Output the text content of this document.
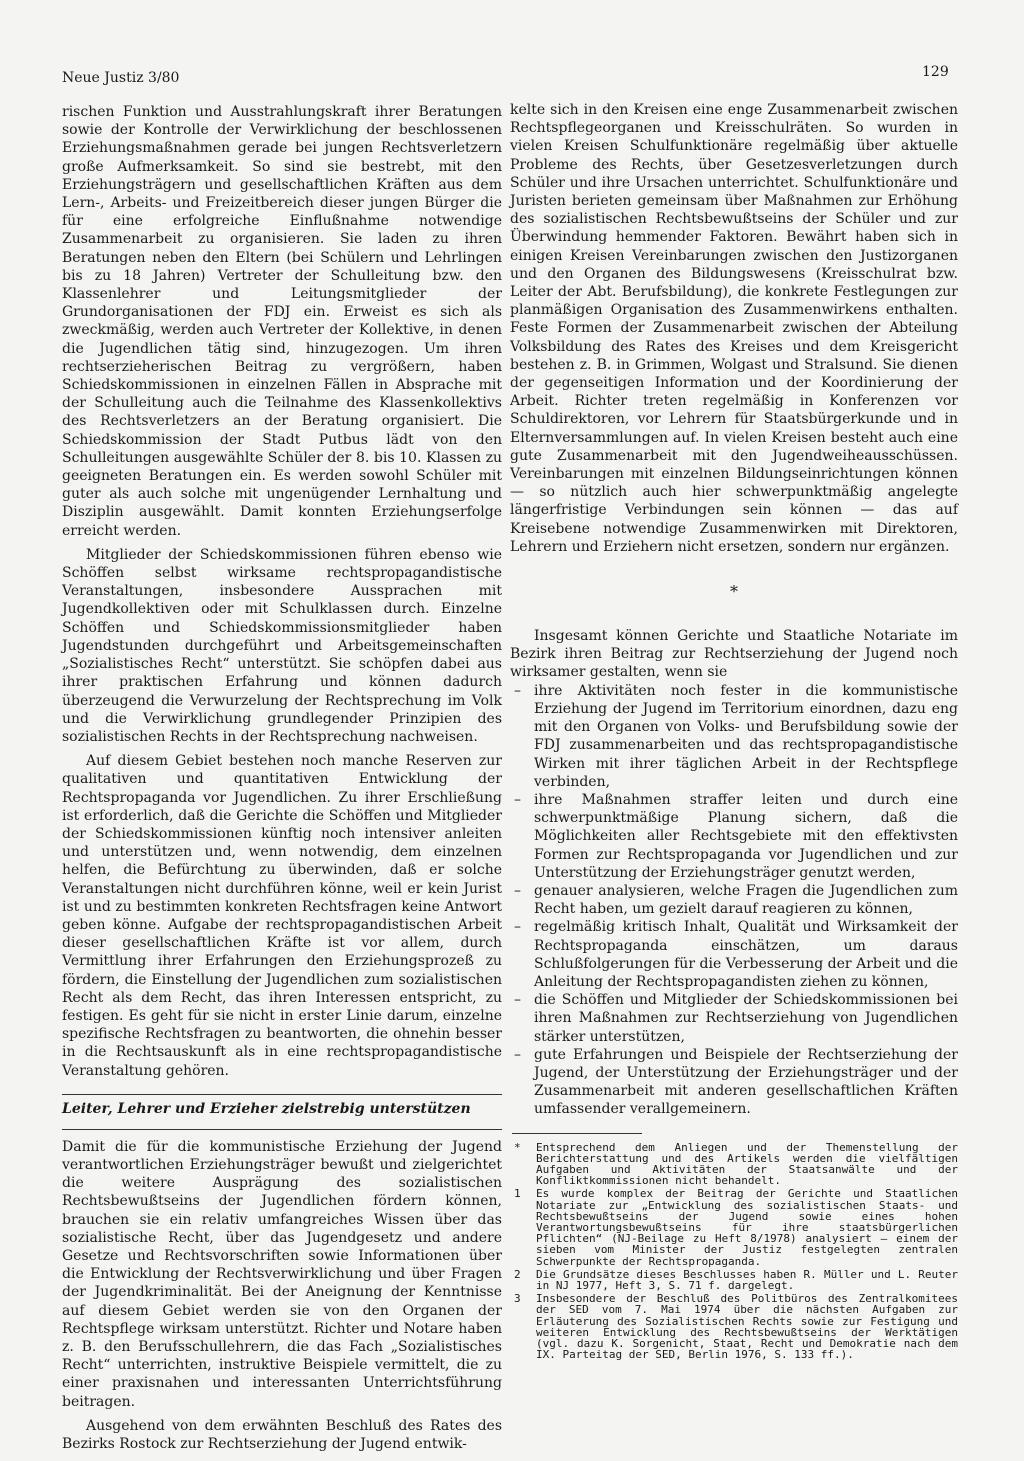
Neue Justiz 3/80	129

rischen Funktion und Ausstrahlungskraft ihrer Beratungen sowie der Kontrolle der Verwirklichung der beschlossenen Erziehungsmaßnahmen gerade bei jungen Rechtsverletzern große Aufmerksamkeit. So sind sie bestrebt, mit den Erziehungsträgern und gesellschaftlichen Kräften aus dem Lern-, Arbeits- und Freizeitbereich dieser jungen Bürger die für eine erfolgreiche Einflußnahme notwendige Zusammenarbeit zu organisieren. Sie laden zu ihren Beratungen neben den Eltern (bei Schülern und Lehrlingen bis zu 18 Jahren) Vertreter der Schulleitung bzw. den Klassenlehrer und Leitungsmitglieder der Grundorganisationen der FDJ ein. Erweist es sich als zweckmäßig, werden auch Vertreter der Kollektive, in denen die Jugendlichen tätig sind, hinzugezogen. Um ihren rechtserzieherischen Beitrag zu vergrößern, haben Schiedskommissionen in einzelnen Fällen in Absprache mit der Schulleitung auch die Teilnahme des Klassenkollektivs des Rechtsverletzers an der Beratung organisiert. Die Schiedskommission der Stadt Putbus lädt von den Schulleitungen ausgewählte Schüler der 8. bis 10. Klassen zu geeigneten Beratungen ein. Es werden sowohl Schüler mit guter als auch solche mit ungenügender Lernhaltung und Disziplin ausgewählt. Damit konnten Erziehungserfolge erreicht werden.

Mitglieder der Schiedskommissionen führen ebenso wie Schöffen selbst wirksame rechtspropagandistische Veranstaltungen, insbesondere Aussprachen mit Jugendkollektiven oder mit Schulklassen durch. Einzelne Schöffen und Schiedskommissionsmitglieder haben Jugendstunden durchgeführt und Arbeitsgemeinschaften „Sozialistisches Recht“ unterstützt. Sie schöpfen dabei aus ihrer praktischen Erfahrung und können dadurch überzeugend die Verwurzelung der Rechtsprechung im Volk und die Verwirklichung grundlegender Prinzipien des sozialistischen Rechts in der Rechtsprechung nachweisen.

Auf diesem Gebiet bestehen noch manche Reserven zur qualitativen und quantitativen Entwicklung der Rechtspropaganda vor Jugendlichen. Zu ihrer Erschließung ist erforderlich, daß die Gerichte die Schöffen und Mitglieder der Schiedskommissionen künftig noch intensiver anleiten und unterstützen und, wenn notwendig, dem einzelnen helfen, die Befürchtung zu überwinden, daß er solche Veranstaltungen nicht durchführen könne, weil er kein Jurist ist und zu bestimmten konkreten Rechtsfragen keine Antwort geben könne. Aufgabe der rechtspropagandistischen Arbeit dieser gesellschaftlichen Kräfte ist vor allem, durch Vermittlung ihrer Erfahrungen den Erziehungsprozeß zu fördern, die Einstellung der Jugendlichen zum sozialistischen Recht als dem Recht, das ihren Interessen entspricht, zu festigen. Es geht für sie nicht in erster Linie darum, einzelne spezifische Rechtsfragen zu beantworten, die ohnehin besser in die Rechtsauskunft als in eine rechtspropagandistische Veranstaltung gehören.

Leiter, Lehrer und Erzieher zielstrebig unterstützen

Damit die für die kommunistische Erziehung der Jugend verantwortlichen Erziehungsträger bewußt und zielgerichtet die weitere Ausprägung des sozialistischen Rechtsbewußtseins der Jugendlichen fördern können, brauchen sie ein relativ umfangreiches Wissen über das sozialistische Recht, über das Jugendgesetz und andere Gesetze und Rechtsvorschriften sowie Informationen über die Entwicklung der Rechtsverwirklichung und über Fragen der Jugendkriminalität. Bei der Aneignung der Kenntnisse auf diesem Gebiet werden sie von den Organen der Rechtspflege wirksam unterstützt. Richter und Notare haben z. B. den Berufsschullehrern, die das Fach „Sozialistisches Recht“ unterrichten, instruktive Beispiele vermittelt, die zu einer praxisnahen und interessanten Unterrichtsführung beitragen.

Ausgehend von dem erwähnten Beschluß des Rates des Bezirks Rostock zur Rechtserziehung der Jugend entwik-

kelte sich in den Kreisen eine enge Zusammenarbeit zwischen Rechtspflegeorganen und Kreisschulräten. So wurden in vielen Kreisen Schulfunktionäre regelmäßig über aktuelle Probleme des Rechts, über Gesetzesverletzungen durch Schüler und ihre Ursachen unterrichtet. Schulfunktionäre und Juristen berieten gemeinsam über Maßnahmen zur Erhöhung des sozialistischen Rechtsbewußtseins der Schüler und zur Überwindung hemmender Faktoren. Bewährt haben sich in einigen Kreisen Vereinbarungen zwischen den Justizorganen und den Organen des Bildungswesens (Kreisschulrat bzw. Leiter der Abt. Berufsbildung), die konkrete Festlegungen zur planmäßigen Organisation des Zusammenwirkens enthalten. Feste Formen der Zusammenarbeit zwischen der Abteilung Volksbildung des Rates des Kreises und dem Kreisgericht bestehen z. B. in Grimmen, Wolgast und Stralsund. Sie dienen der gegenseitigen Information und der Koordinierung der Arbeit. Richter treten regelmäßig in Konferenzen vor Schuldirektoren, vor Lehrern für Staatsbürgerkunde und in Elternversammlungen auf. In vielen Kreisen besteht auch eine gute Zusammenarbeit mit den Jugendweiheausschüssen. Vereinbarungen mit einzelnen Bildungseinrichtungen können — so nützlich auch hier schwerpunktmäßig angelegte längerfristige Verbindungen sein können — das auf Kreisebene notwendige Zusammenwirken mit Direktoren, Lehrern und Erziehern nicht ersetzen, sondern nur ergänzen.

*

Insgesamt können Gerichte und Staatliche Notariate im Bezirk ihren Beitrag zur Rechtserziehung der Jugend noch wirksamer gestalten, wenn sie

– ihre Aktivitäten noch fester in die kommunistische Erziehung der Jugend im Territorium einordnen, dazu eng mit den Organen von Volks- und Berufsbildung sowie der FDJ zusammenarbeiten und das rechtspropagandistische Wirken mit ihrer täglichen Arbeit in der Rechtspflege verbinden,
– ihre Maßnahmen straffer leiten und durch eine schwerpunktmäßige Planung sichern, daß die Möglichkeiten aller Rechtsgebiete mit den effektivsten Formen zur Rechtspropaganda vor Jugendlichen und zur Unterstützung der Erziehungsträger genutzt werden,
– genauer analysieren, welche Fragen die Jugendlichen zum Recht haben, um gezielt darauf reagieren zu können,
– regelmäßig kritisch Inhalt, Qualität und Wirksamkeit der Rechtspropaganda einschätzen, um daraus Schlußfolgerungen für die Verbesserung der Arbeit und die Anleitung der Rechtspropagandisten ziehen zu können,
– die Schöffen und Mitglieder der Schiedskommissionen bei ihren Maßnahmen zur Rechtserziehung von Jugendlichen stärker unterstützen,
– gute Erfahrungen und Beispiele der Rechtserziehung der Jugend, der Unterstützung der Erziehungsträger und der Zusammenarbeit mit anderen gesellschaftlichen Kräften umfassender verallgemeinern.
*	Entsprechend dem Anliegen und der Themenstellung der Berichterstattung und des Artikels werden die vielfältigen Aufgaben und Aktivitäten der Staatsanwälte und der Konfliktkommissionen nicht behandelt.
1	Es wurde komplex der Beitrag der Gerichte und Staatlichen Notariate zur „Entwicklung des sozialistischen Staats- und Rechtsbewußtseins der Jugend sowie eines hohen Verantwortungsbewußtseins für ihre staatsbürgerlichen Pflichten“ (NJ-Beilage zu Heft 8/1978) analysiert — einem der sieben vom Minister der Justiz festgelegten zentralen Schwerpunkte der Rechtspropaganda.
2	Die Grundsätze dieses Beschlusses haben R. Müller und L. Reuter in NJ 1977, Heft 3, S. 71 f. dargelegt.
3	Insbesondere der Beschluß des Politbüros des Zentralkomitees der SED vom 7. Mai 1974 über die nächsten Aufgaben zur Erläuterung des Sozialistischen Rechts sowie zur Festigung und weiteren Entwicklung des Rechtsbewußtseins der Werktätigen (vgl. dazu K. Sorgenicht, Staat, Recht und Demokratie nach dem IX. Parteitag der SED, Berlin 1976, S. 133 ff.).
